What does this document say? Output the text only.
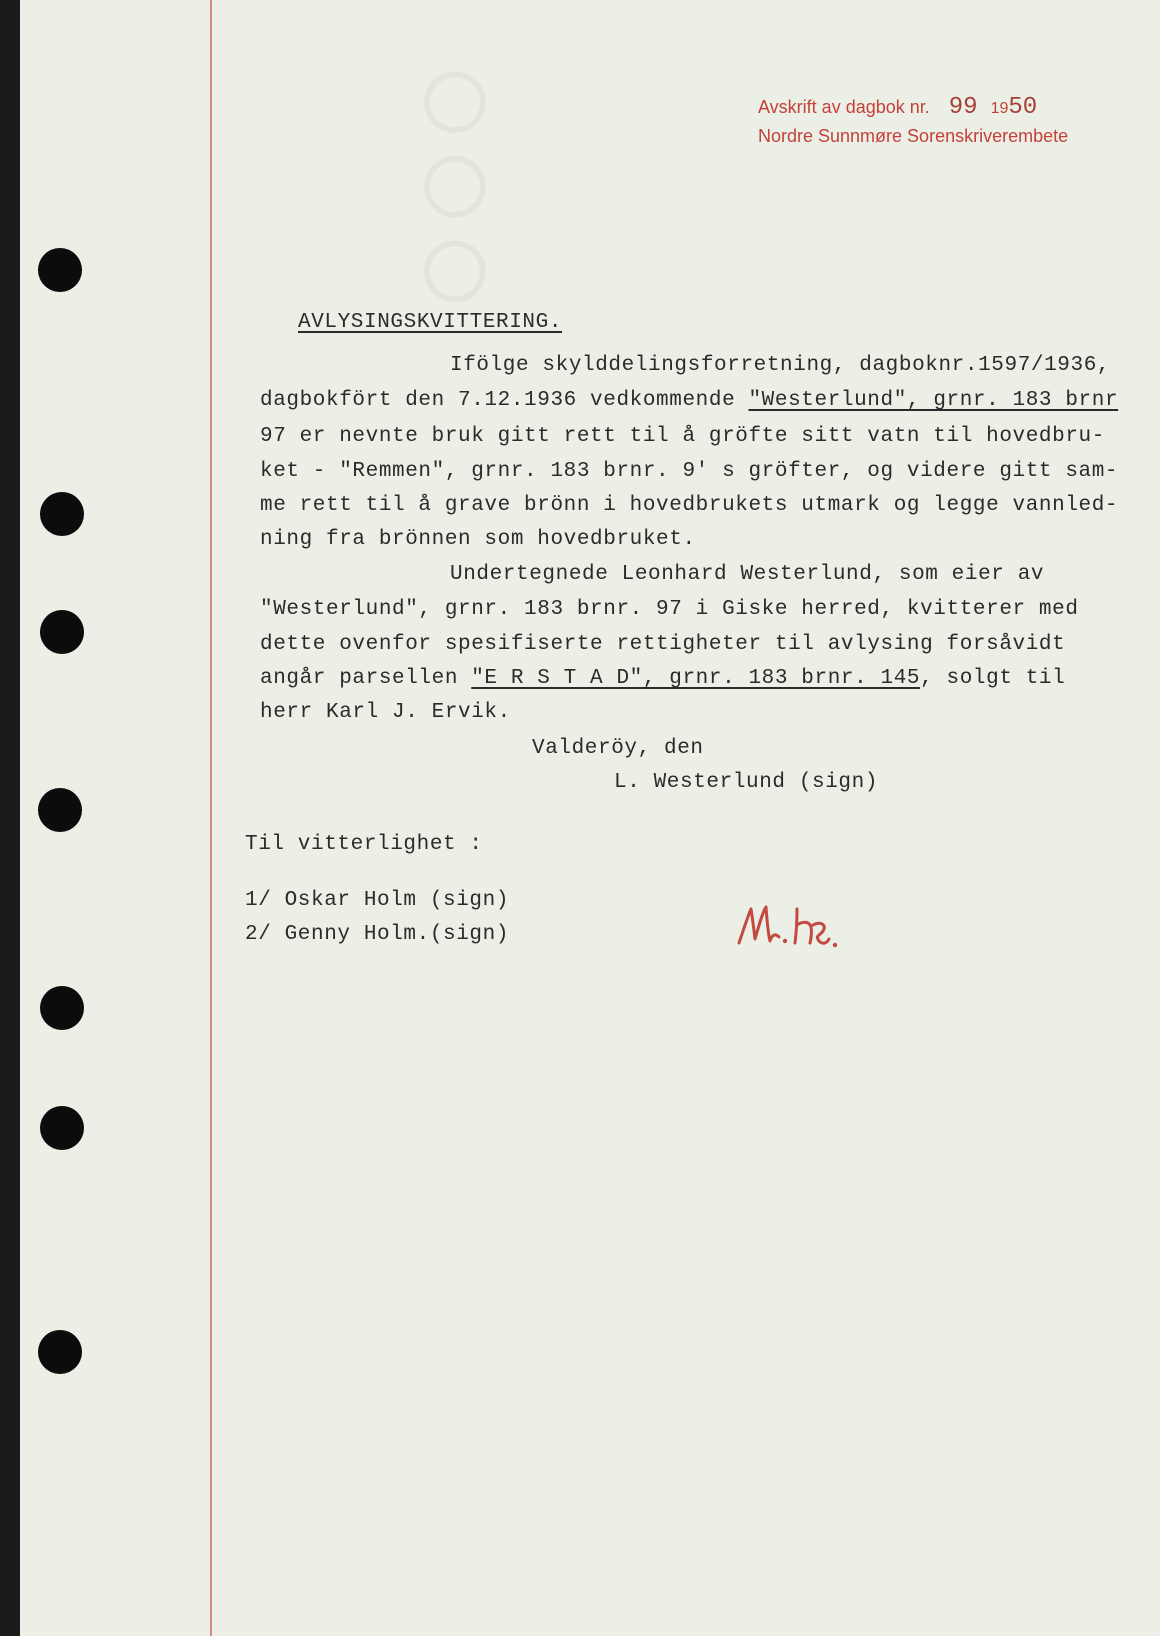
○○○	Avskrift av dagbok nr. 99 1950
Nordre Sunnmøre Sorenskriverembete
AVLYSINGSKVITTERING.
Ifölge skylddelingsforretning, dagboknr.1597/1936,
dagbokfört den 7.12.1936 vedkommende "Westerlund", grnr. 183 brnr
97 er nevnte bruk gitt rett til å gröfte sitt vatn til hovedbru-
ket - "Remmen", grnr. 183 brnr. 9' s gröfter, og videre gitt sam-
me rett til å grave brönn i hovedbrukets utmark og legge vannled-
ning fra brönnen som hovedbruket.
Undertegnede Leonhard Westerlund, som eier av
"Westerlund", grnr. 183 brnr. 97 i Giske herred, kvitterer med
dette ovenfor spesifiserte rettigheter til avlysing forsåvidt
angår parsellen "E R S T A D", grnr. 183 brnr. 145, solgt til
herr Karl J. Ervik.
Valderöy, den
L. Westerlund (sign)
Til vitterlighet :
1/ Oskar Holm (sign)
2/ Genny Holm.(sign)
